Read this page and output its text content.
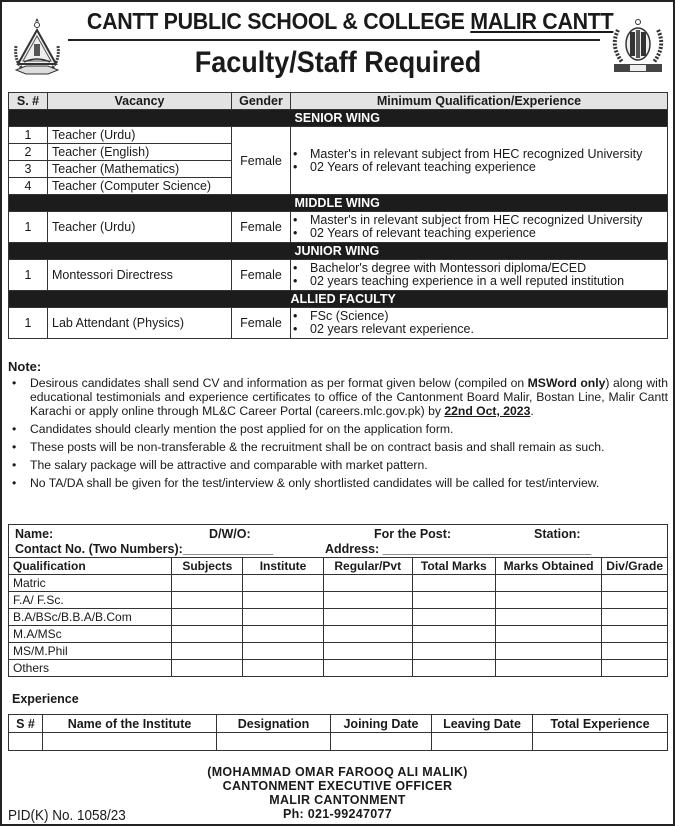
CANTT PUBLIC SCHOOL & COLLEGE MALIR CANTT
Faculty/Staff Required
S. #	Vacancy	Gender	Minimum Qualification/Experience
			SENIOR WING
1	Teacher (Urdu)	Female	• Master's in relevant subject from HEC recognized University
• 02 Years of relevant teaching experience

2	Teacher (English)		
3	Teacher (Mathematics)		
4	Teacher (Computer Science)		
			MIDDLE WING
1	Teacher (Urdu)	Female	• Master's in relevant subject from HEC recognized University
• 02 Years of relevant teaching experience

			JUNIOR WING
1	Montessori Directress	Female	• Bachelor's degree with Montessori diploma/ECED
• 02 years teaching experience in a well reputed institution

			ALLIED FACULTY
1	Lab Attendant (Physics)	Female	• FSc (Science)
• 02 years relevant experience.
Note:
• Desirous candidates shall send CV and information as per format given below (compiled on MSWord only) along with educational testimonials and experience certificates to office of the Cantonment Board Malir, Bostan Line, Malir Cantt Karachi or apply online through ML&C Career Portal (careers.mlc.gov.pk) by 22nd Oct, 2023.
• Candidates should clearly mention the post applied for on the application form.
• These posts will be non-transferable & the recruitment shall be on contract basis and shall remain as such.
• The salary package will be attractive and comparable with market pattern.
• No TA/DA shall be given for the test/interview & only shortlisted candidates will be called for test/interview.
Name:	D/W/O:	For the Post:	Station:
Contact No. (Two Numbers):_____________	Address: ______________________________
Qualification	Subjects	Institute	Regular/Pvt	Total Marks	Marks Obtained	Div/Grade
Matric						
F.A/ F.Sc.						
B.A/BSc/B.B.A/B.Com						
M.A/MSc						
MS/M.Phil						
Others						
Experience
S #	Name of the Institute	Designation	Joining Date	Leaving Date	Total Experience

(MOHAMMAD OMAR FAROOQ ALI MALIK)
CANTONMENT EXECUTIVE OFFICER
MALIR CANTONMENT
Ph: 021-99247077
PID(K) No. 1058/23
